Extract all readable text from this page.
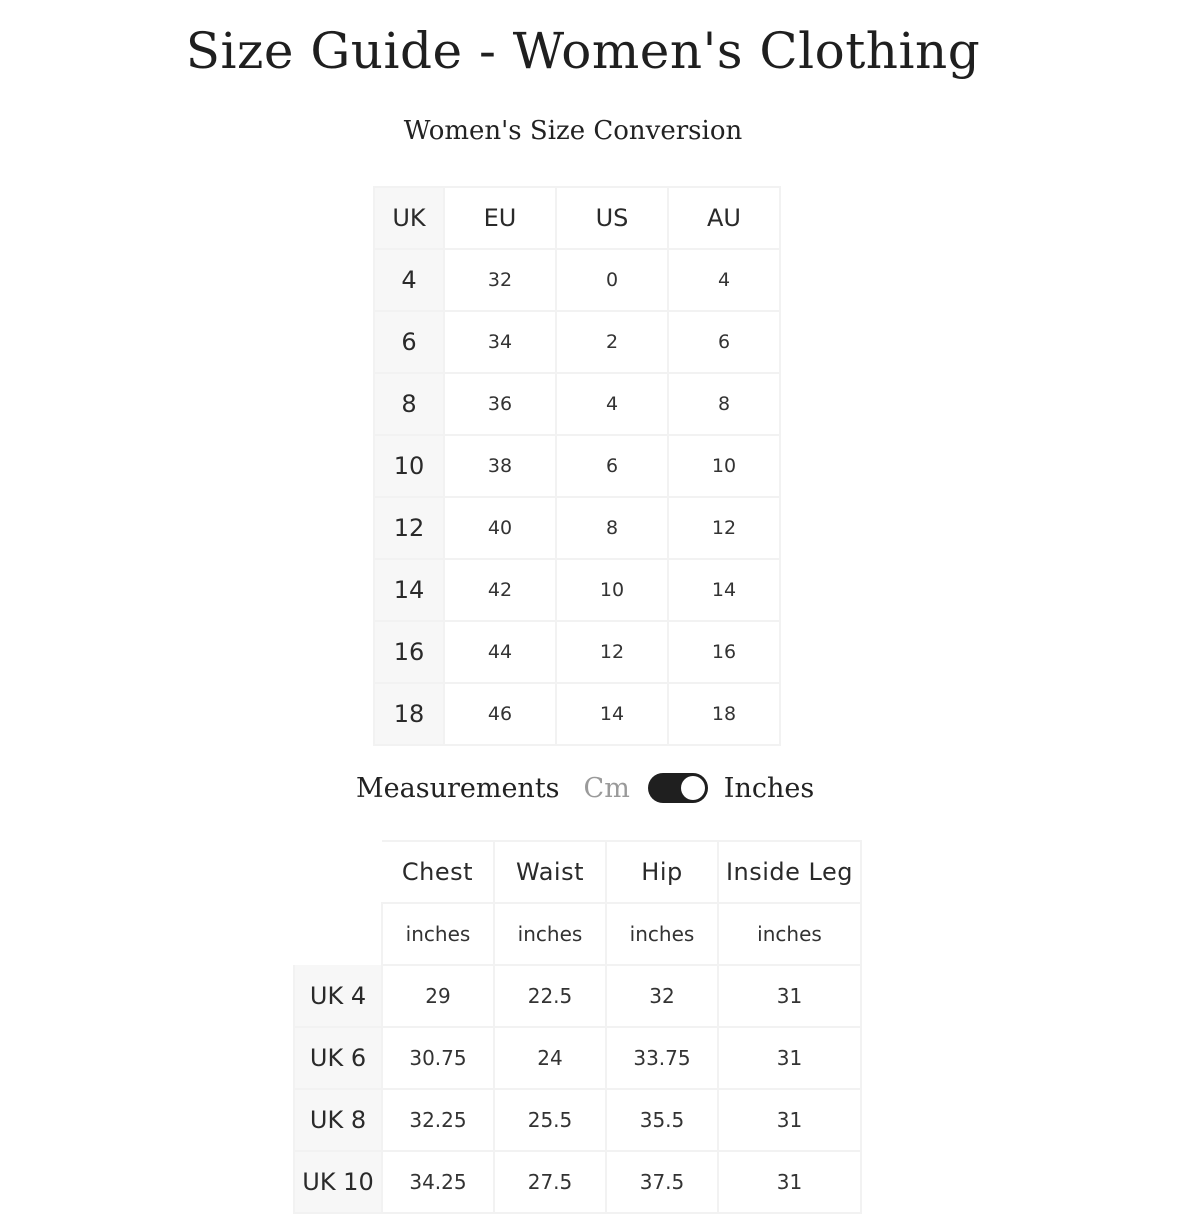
Size Guide - Women's Clothing
Women's Size Conversion
UK	EU	US	AU
4	32	0	4
6	34	2	6
8	36	4	8
10	38	6	10
12	40	8	12
14	42	10	14
16	44	12	16
18	46	14	18
Measurements Cm	Inches
	Chest	Waist	Hip	Inside Leg
	inches	inches	inches	inches
UK 4	29	22.5	32	31
UK 6	30.75	24	33.75	31
UK 8	32.25	25.5	35.5	31
UK 10	34.25	27.5	37.5	31
